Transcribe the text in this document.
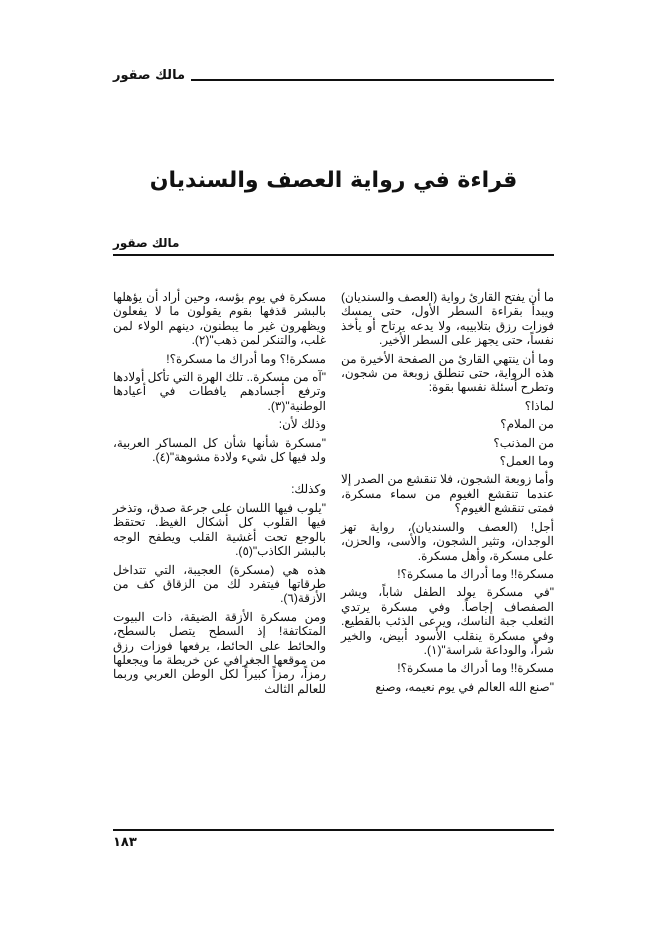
مالك صقور
قراءة في رواية العصف والسنديان
مالك صقور

ما أن يفتح القارئ رواية (العصف والسنديان) ويبدأ بقراءة السطر الأول، حتى يمسك فوزات رزق بتلابيبه، ولا يدعه يرتاح أو يأخذ نفساً، حتى يجهز على السطر الأخير.

وما أن ينتهي القارئ من الصفحة الأخيرة من هذه الرواية، حتى تنطلق زوبعة من شجون، وتطرح أسئلة نفسها بقوة:

لماذا؟

من الملام؟

من المذنب؟

وما العمل؟

وأما زوبعة الشجون، فلا تنقشع من الصدر إلا عندما تنقشع الغيوم من سماء مسكرة، فمتى تنقشع الغيوم؟

أجل! (العصف والسنديان)، رواية تهز الوجدان، وتثير الشجون، والأسى، والحزن، على مسكرة، وأهل مسكرة.

مسكرة!! وما أدراك ما مسكرة؟!

"في مسكرة يولد الطفل شاباً، ويشر الصفصاف إجاصاً. وفي مسكرة يرتدي الثعلب جبة الناسك، ويرعى الذئب بالقطيع. وفي مسكرة ينقلب الأسود أبيض، والخير شراً، والوداعة شراسة"(١).

مسكرة!! وما أدراك ما مسكرة؟!

"صنع الله العالم في يوم نعيمه، وصنع

مسكرة في يوم بؤسه، وحين أراد أن يؤهلها بالبشر قذفها بقوم يقولون ما لا يفعلون ويظهرون غير ما يبطنون، دينهم الولاء لمن غلب، والتنكر لمن ذهب"(٢).

مسكرة!؟ وما أدراك ما مسكرة؟!

"آه من مسكرة.. تلك الهرة التي تأكل أولادها وترفع أجسادهم يافطات في أعيادها الوطنية"(٣).

وذلك لأن:

"مسكرة شأنها شأن كل المساكر العربية، ولد فيها كل شيء ولادة مشوهة"(٤).

وكذلك:

"يلوب فيها اللسان على جرعة صدق، وتذخر فيها القلوب كل أشكال الغيظ. تحتقظ بالوجع تحت أغشية القلب ويطفح الوجه بالبشر الكاذب"(٥).

هذه هي (مسكرة) العجيبة، التي تتداخل طرقاتها فيتفرد لك من الزقاق كف من الأزقة(٦).

ومن مسكرة الأزقة الضيقة، ذات البيوت المتكاتفة! إذ السطح يتصل بالسطح، والحائط على الحائط، يرفعها فوزات رزق من موقعها الجغرافي عن خريطة ما ويجعلها رمزاً، رمزاً كبيراً لكل الوطن العربي وربما للعالم الثالث

١٨٣
